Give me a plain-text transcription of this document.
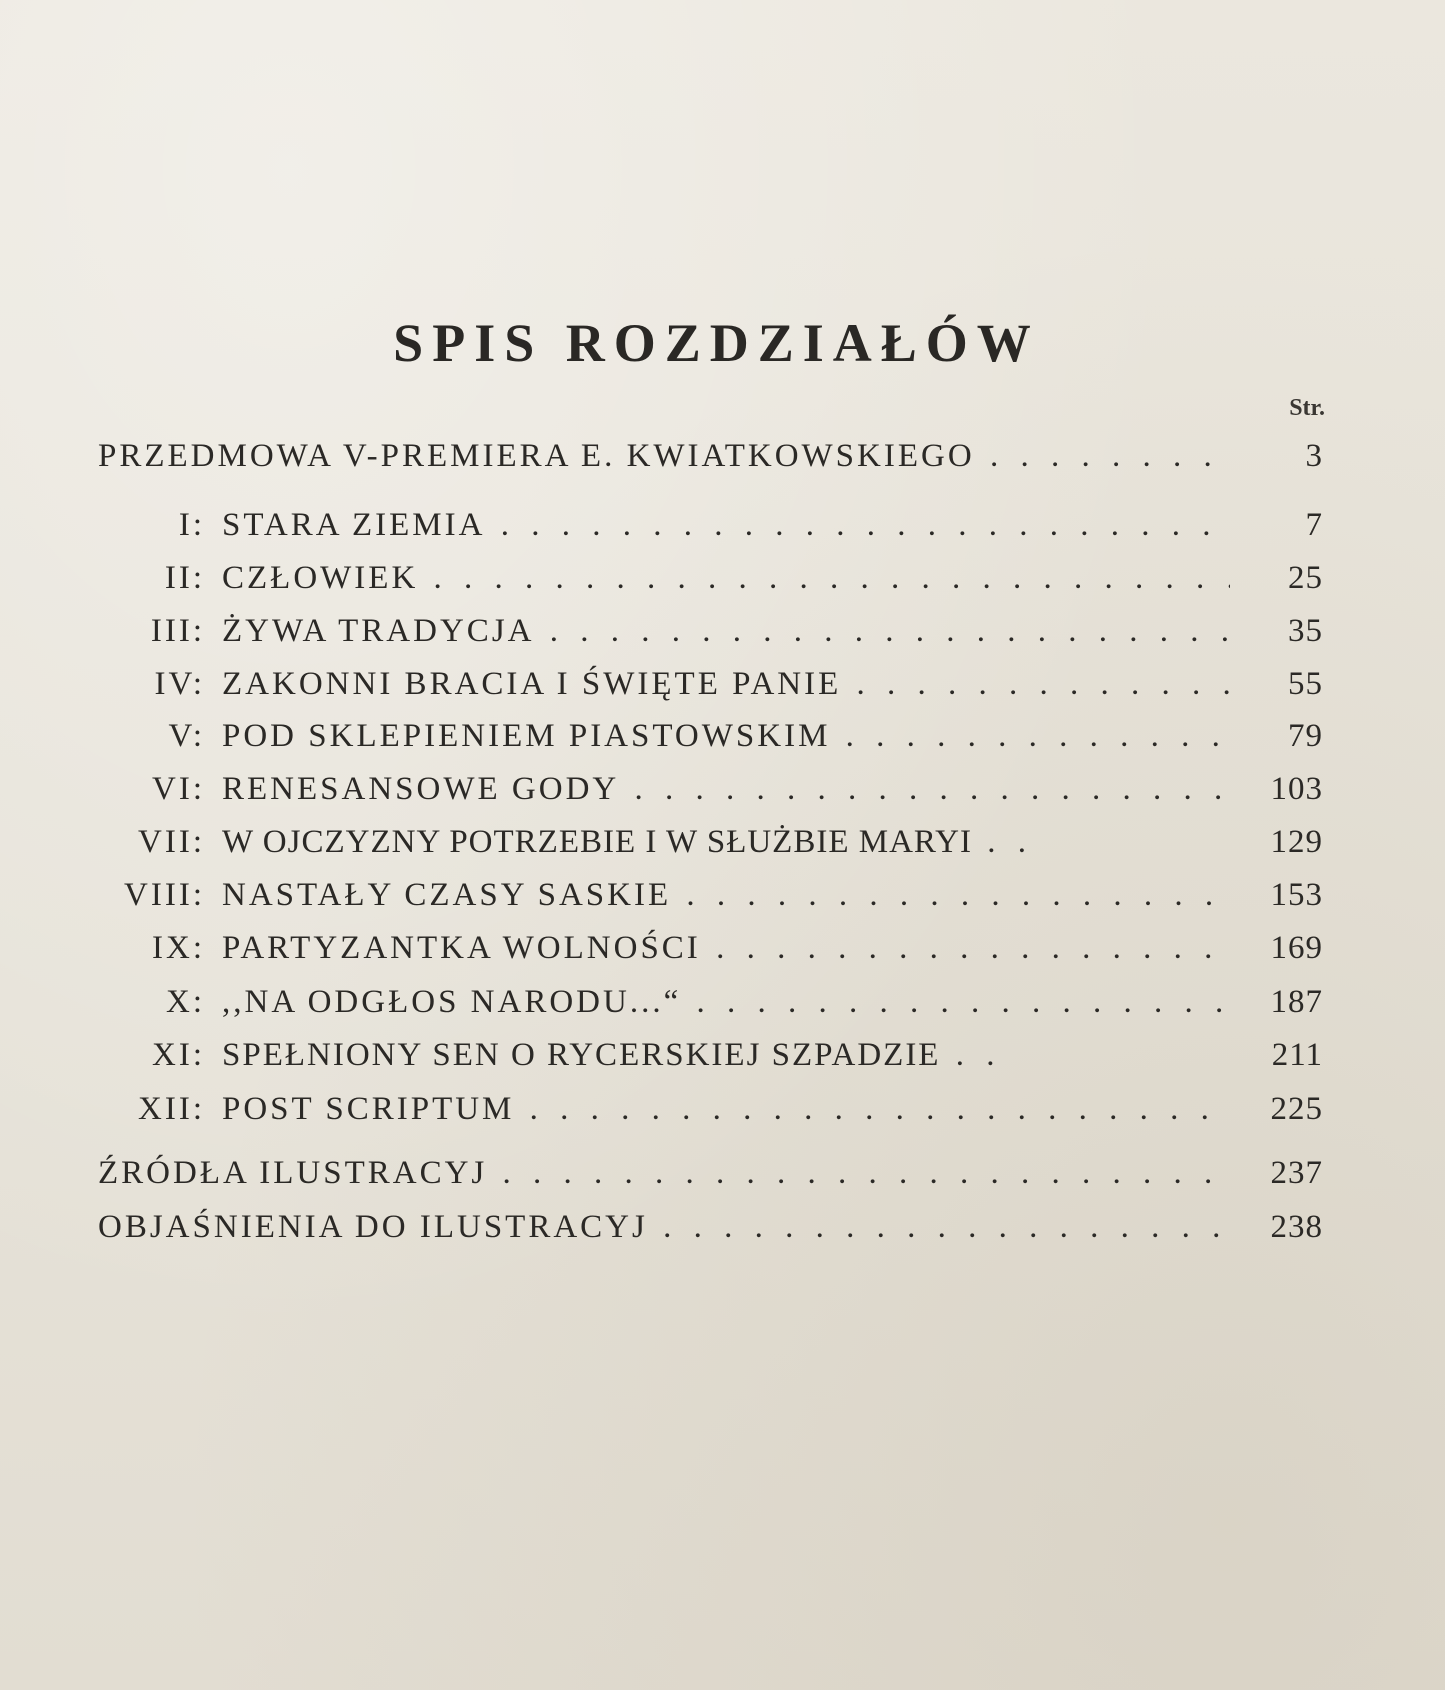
SPIS ROZDZIAŁÓW
Str.
PRZEDMOWA V-PREMIERA E. KWIATKOWSKIEGO . . .	3
I: STARA ZIEMIA . . .	7
II: CZŁOWIEK . . .	25
III: ŻYWA TRADYCJA . . .	35
IV: ZAKONNI BRACIA I ŚWIĘTE PANIE . . .	55
V: POD SKLEPIENIEM PIASTOWSKIM . . .	79
VI: RENESANSOWE GODY . . .	103
VII: W OJCZYZNY POTRZEBIE I W SŁUŻBIE MARYI . .	129
VIII: NASTAŁY CZASY SASKIE . . .	153
IX: PARTYZANTKA WOLNOŚCI . . .	169
X: ,,NA ODGŁOS NARODU...“ . . .	187
XI: SPEŁNIONY SEN O RYCERSKIEJ SZPADZIE . .	211
XII: POST SCRIPTUM . . .	225
ŹRÓDŁA ILUSTRACYJ . . .	237
OBJAŚNIENIA DO ILUSTRACYJ . . .	238
